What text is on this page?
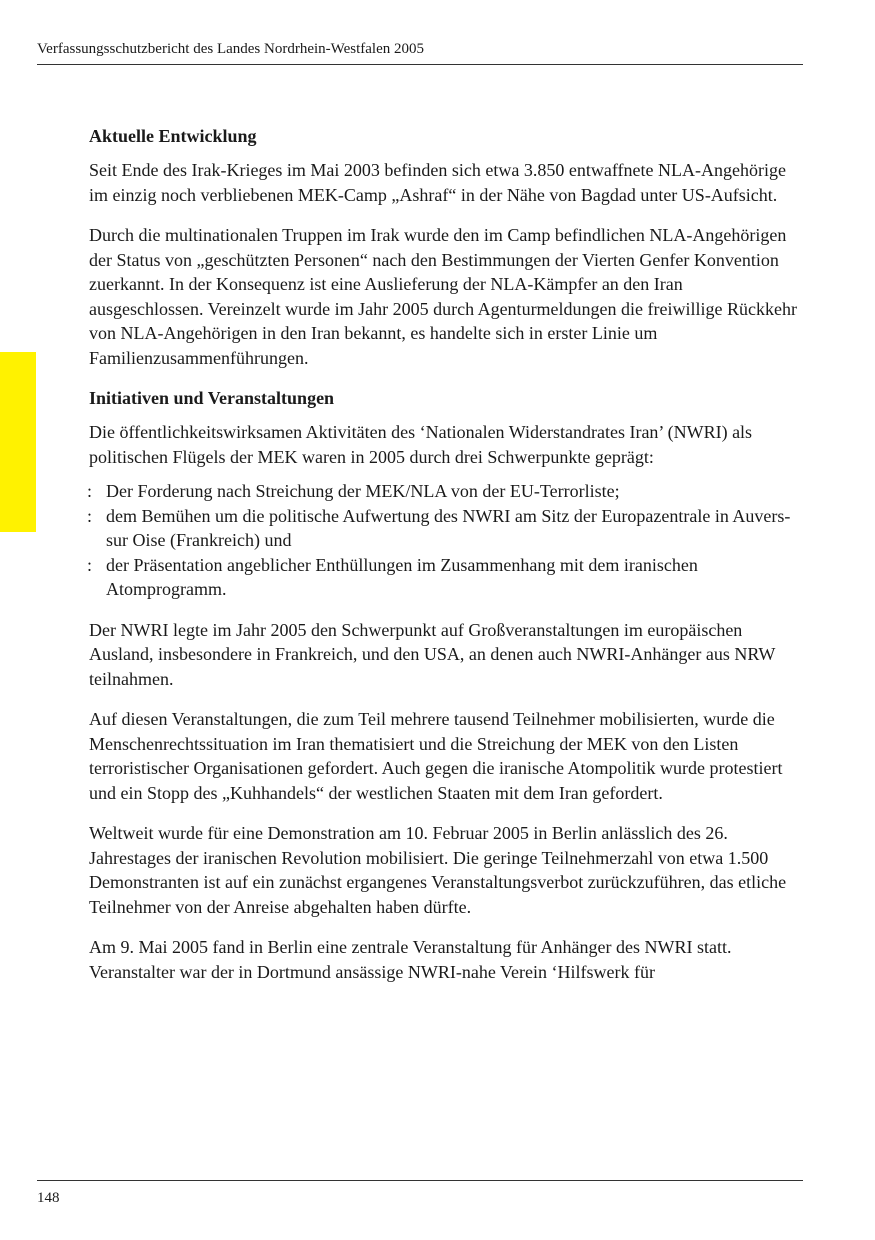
Verfassungsschutzbericht des Landes Nordrhein-Westfalen 2005
Aktuelle Entwicklung

Seit Ende des Irak-Krieges im Mai 2003 befinden sich etwa 3.850 entwaffnete NLA-Angehörige im einzig noch verbliebenen MEK-Camp „Ashraf“ in der Nähe von Bagdad unter US-Aufsicht.

Durch die multinationalen Truppen im Irak wurde den im Camp befindlichen NLA-Angehörigen der Status von „geschützten Personen“ nach den Bestimmungen der Vierten Genfer Konvention zuerkannt. In der Konsequenz ist eine Auslieferung der NLA-Kämpfer an den Iran ausgeschlossen. Vereinzelt wurde im Jahr 2005 durch Agenturmeldungen die freiwillige Rückkehr von NLA-Angehörigen in den Iran bekannt, es handelte sich in erster Linie um Familienzusammenführungen.

Initiativen und Veranstaltungen

Die öffentlichkeitswirksamen Aktivitäten des ‘Nationalen Widerstandrates Iran’ (NWRI) als politischen Flügels der MEK waren in 2005 durch drei Schwerpunkte geprägt:

: Der Forderung nach Streichung der MEK/NLA von der EU-Terrorliste;
: dem Bemühen um die politische Aufwertung des NWRI am Sitz der Europazentrale in Auvers-sur Oise (Frankreich) und
: der Präsentation angeblicher Enthüllungen im Zusammenhang mit dem iranischen Atomprogramm.

Der NWRI legte im Jahr 2005 den Schwerpunkt auf Großveranstaltungen im europäischen Ausland, insbesondere in Frankreich, und den USA, an denen auch NWRI-Anhänger aus NRW teilnahmen.

Auf diesen Veranstaltungen, die zum Teil mehrere tausend Teilnehmer mobilisierten, wurde die Menschenrechtssituation im Iran thematisiert und die Streichung der MEK von den Listen terroristischer Organisationen gefordert. Auch gegen die iranische Atompolitik wurde protestiert und ein Stopp des „Kuhhandels“ der westlichen Staaten mit dem Iran gefordert.

Weltweit wurde für eine Demonstration am 10. Februar 2005 in Berlin anlässlich des 26. Jahrestages der iranischen Revolution mobilisiert. Die geringe Teilnehmerzahl von etwa 1.500 Demonstranten ist auf ein zunächst ergangenes Veranstaltungsverbot zurückzuführen, das etliche Teilnehmer von der Anreise abgehalten haben dürfte.

Am 9. Mai 2005 fand in Berlin eine zentrale Veranstaltung für Anhänger des NWRI statt. Veranstalter war der in Dortmund ansässige NWRI-nahe Verein ‘Hilfswerk für

148
